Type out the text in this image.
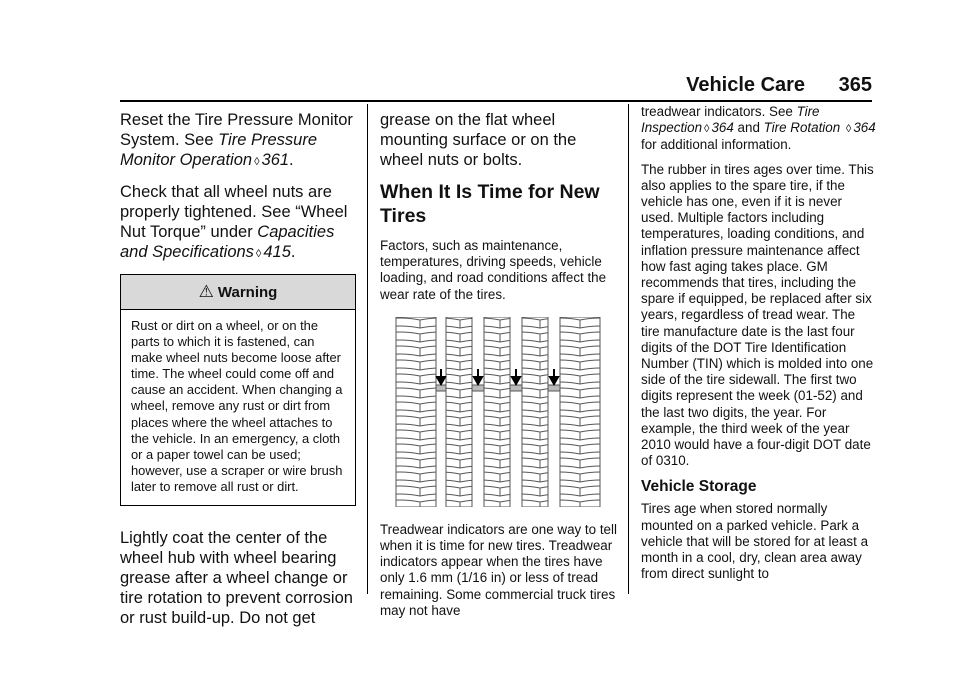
Vehicle Care 365

Reset the Tire Pressure Monitor System. See Tire Pressure Monitor Operation ◊ 361.

Check that all wheel nuts are properly tightened. See “Wheel Nut Torque” under Capacities and Specifications ◊ 415.

⚠ Warning
Rust or dirt on a wheel, or on the parts to which it is fastened, can make wheel nuts become loose after time. The wheel could come off and cause an accident. When changing a wheel, remove any rust or dirt from places where the wheel attaches to the vehicle. In an emergency, a cloth or a paper towel can be used; however, use a scraper or wire brush later to remove all rust or dirt.

Lightly coat the center of the wheel hub with wheel bearing grease after a wheel change or tire rotation to prevent corrosion or rust build-up. Do not get

grease on the flat wheel mounting surface or on the wheel nuts or bolts.

When It Is Time for New Tires

Factors, such as maintenance, temperatures, driving speeds, vehicle loading, and road conditions affect the wear rate of the tires.

Treadwear indicators are one way to tell when it is time for new tires. Treadwear indicators appear when the tires have only 1.6 mm (1/16 in) or less of tread remaining. Some commercial truck tires may not have

treadwear indicators. See Tire Inspection ◊ 364 and Tire Rotation ◊ 364 for additional information.

The rubber in tires ages over time. This also applies to the spare tire, if the vehicle has one, even if it is never used. Multiple factors including temperatures, loading conditions, and inflation pressure maintenance affect how fast aging takes place. GM recommends that tires, including the spare if equipped, be replaced after six years, regardless of tread wear. The tire manufacture date is the last four digits of the DOT Tire Identification Number (TIN) which is molded into one side of the tire sidewall. The first two digits represent the week (01-52) and the last two digits, the year. For example, the third week of the year 2010 would have a four-digit DOT date of 0310.

Vehicle Storage

Tires age when stored normally mounted on a parked vehicle. Park a vehicle that will be stored for at least a month in a cool, dry, clean area away from direct sunlight to
